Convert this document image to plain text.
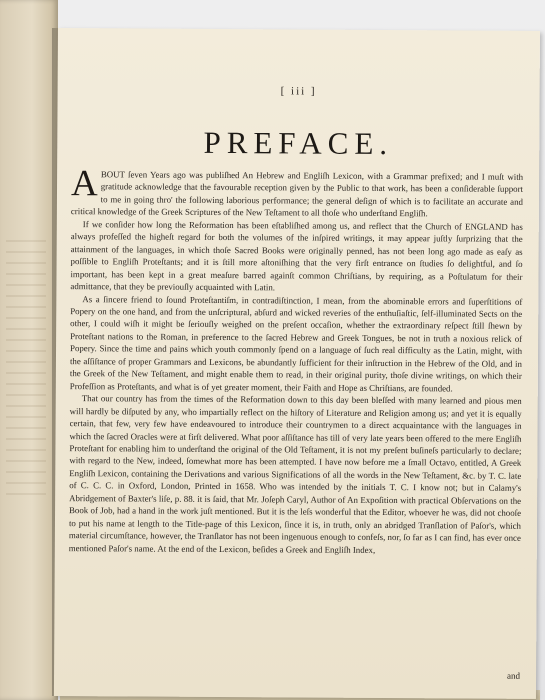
[ iii ]
PREFACE.

ABOUT ſeven Years ago was publiſhed An Hebrew and Engliſh Lexicon, with a Grammar prefixed; and I muſt with gratitude acknowledge that the favourable reception given by the Public to that work, has been a conſiderable ſupport to me in going thro' the following laborious performance; the general deſign of which is to facilitate an accurate and critical knowledge of the Greek Scriptures of the New Teſtament to all thoſe who underſtand Engliſh.

If we conſider how long the Reformation has been eſtabliſhed among us, and reflect that the Church of ENGLAND has always profeſſed the higheſt regard for both the volumes of the inſpired writings, it may appear juſtly ſurprizing that the attainment of the languages, in which thoſe Sacred Books were originally penned, has not been long ago made as eaſy as poſſible to Engliſh Proteſtants; and it is ſtill more aſtoniſhing that the very firſt entrance on ſtudies ſo delightful, and ſo important, has been kept in a great meaſure barred againſt common Chriſtians, by requiring, as a Poſtulatum for their admittance, that they be previouſly acquainted with Latin.

As a ſincere friend to ſound Proteſtantiſm, in contradiſtinction, I mean, from the abominable errors and ſuperſtitions of Popery on the one hand, and from the unſcriptural, abſurd and wicked reveries of the enthuſiaſtic, ſelf-illuminated Sects on the other, I could wiſh it might be ſeriouſly weighed on the preſent occaſion, whether the extraordinary reſpect ſtill ſhewn by Proteſtant nations to the Roman, in preference to the ſacred Hebrew and Greek Tongues, be not in truth a noxious relick of Popery. Since the time and pains which youth commonly ſpend on a language of ſuch real difficulty as the Latin, might, with the aſſiſtance of proper Grammars and Lexicons, be abundantly ſufficient for their inſtruction in the Hebrew of the Old, and in the Greek of the New Teſtament, and might enable them to read, in their original purity, thoſe divine writings, on which their Profeſſion as Proteſtants, and what is of yet greater moment, their Faith and Hope as Chriſtians, are founded.

That our country has from the times of the Reformation down to this day been bleſſed with many learned and pious men will hardly be diſputed by any, who impartially reflect on the hiſtory of Literature and Religion among us; and yet it is equally certain, that few, very few have endeavoured to introduce their countrymen to a direct acquaintance with the languages in which the ſacred Oracles were at firſt delivered. What poor aſſiſtance has till of very late years been offered to the mere Engliſh Proteſtant for enabling him to underſtand the original of the Old Teſtament, it is not my preſent buſineſs particularly to declare; with regard to the New, indeed, ſomewhat more has been attempted. I have now before me a ſmall Octavo, entitled, A Greek Engliſh Lexicon, containing the Derivations and various Significations of all the words in the New Teſtament, &c. by T. C. late of C. C. C. in Oxford, London, Printed in 1658. Who was intended by the initials T. C. I know not; but in Calamy's Abridgement of Baxter's liſe, p. 88. it is ſaid, that Mr. Joſeph Caryl, Author of An Expoſition with practical Obſervations on the Book of Job, had a hand in the work juſt mentioned. But it is the leſs wonderful that the Editor, whoever he was, did not chooſe to put his name at length to the Title-page of this Lexicon, ſince it is, in truth, only an abridged Tranſlation of Paſor's, which material circumſtance, however, the Tranſlator has not been ingenuous enough to confeſs, nor, ſo far as I can find, has ever once mentioned Paſor's name. At the end of the Lexicon, beſides a Greek and Engliſh Index,

and
